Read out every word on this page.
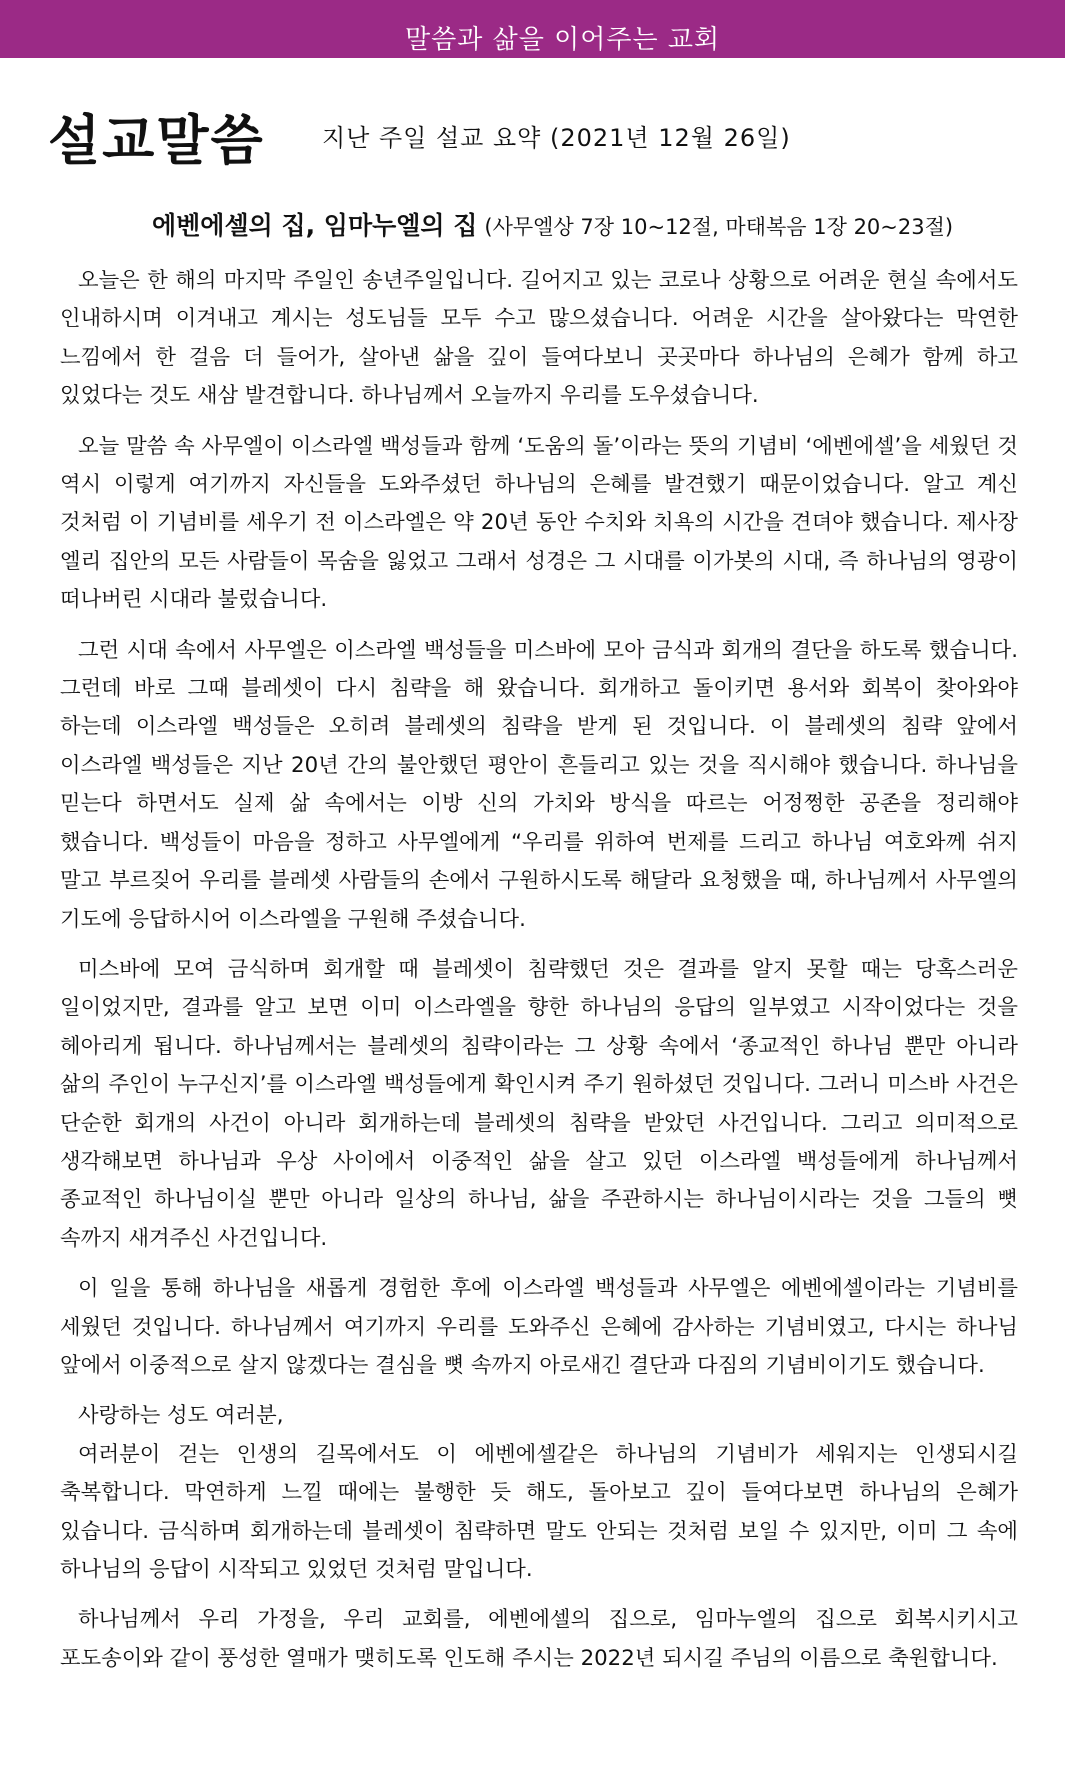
말씀과 삶을 이어주는 교회
설교말씀 지난 주일 설교 요약 (2021년 12월 26일)
에벤에셀의 집, 임마누엘의 집 (사무엘상 7장 10~12절, 마태복음 1장 20~23절)

오늘은 한 해의 마지막 주일인 송년주일입니다. 길어지고 있는 코로나 상황으로 어려운 현실 속에서도 인내하시며 이겨내고 계시는 성도님들 모두 수고 많으셨습니다. 어려운 시간을 살아왔다는 막연한 느낌에서 한 걸음 더 들어가, 살아낸 삶을 깊이 들여다보니 곳곳마다 하나님의 은혜가 함께 하고 있었다는 것도 새삼 발견합니다. 하나님께서 오늘까지 우리를 도우셨습니다.

오늘 말씀 속 사무엘이 이스라엘 백성들과 함께 ‘도움의 돌’이라는 뜻의 기념비 ‘에벤에셀’을 세웠던 것 역시 이렇게 여기까지 자신들을 도와주셨던 하나님의 은혜를 발견했기 때문이었습니다. 알고 계신 것처럼 이 기념비를 세우기 전 이스라엘은 약 20년 동안 수치와 치욕의 시간을 견뎌야 했습니다. 제사장 엘리 집안의 모든 사람들이 목숨을 잃었고 그래서 성경은 그 시대를 이가봇의 시대, 즉 하나님의 영광이 떠나버린 시대라 불렀습니다.

그런 시대 속에서 사무엘은 이스라엘 백성들을 미스바에 모아 금식과 회개의 결단을 하도록 했습니다. 그런데 바로 그때 블레셋이 다시 침략을 해 왔습니다. 회개하고 돌이키면 용서와 회복이 찾아와야 하는데 이스라엘 백성들은 오히려 블레셋의 침략을 받게 된 것입니다. 이 블레셋의 침략 앞에서 이스라엘 백성들은 지난 20년 간의 불안했던 평안이 흔들리고 있는 것을 직시해야 했습니다. 하나님을 믿는다 하면서도 실제 삶 속에서는 이방 신의 가치와 방식을 따르는 어정쩡한 공존을 정리해야 했습니다. 백성들이 마음을 정하고 사무엘에게 “우리를 위하여 번제를 드리고 하나님 여호와께 쉬지 말고 부르짖어 우리를 블레셋 사람들의 손에서 구원하시도록 해달라 요청했을 때, 하나님께서 사무엘의 기도에 응답하시어 이스라엘을 구원해 주셨습니다.

미스바에 모여 금식하며 회개할 때 블레셋이 침략했던 것은 결과를 알지 못할 때는 당혹스러운 일이었지만, 결과를 알고 보면 이미 이스라엘을 향한 하나님의 응답의 일부였고 시작이었다는 것을 헤아리게 됩니다. 하나님께서는 블레셋의 침략이라는 그 상황 속에서 ‘종교적인 하나님 뿐만 아니라 삶의 주인이 누구신지’를 이스라엘 백성들에게 확인시켜 주기 원하셨던 것입니다. 그러니 미스바 사건은 단순한 회개의 사건이 아니라 회개하는데 블레셋의 침략을 받았던 사건입니다. 그리고 의미적으로 생각해보면 하나님과 우상 사이에서 이중적인 삶을 살고 있던 이스라엘 백성들에게 하나님께서 종교적인 하나님이실 뿐만 아니라 일상의 하나님, 삶을 주관하시는 하나님이시라는 것을 그들의 뼛 속까지 새겨주신 사건입니다.

이 일을 통해 하나님을 새롭게 경험한 후에 이스라엘 백성들과 사무엘은 에벤에셀이라는 기념비를 세웠던 것입니다. 하나님께서 여기까지 우리를 도와주신 은혜에 감사하는 기념비였고, 다시는 하나님 앞에서 이중적으로 살지 않겠다는 결심을 뼛 속까지 아로새긴 결단과 다짐의 기념비이기도 했습니다.

사랑하는 성도 여러분,

여러분이 걷는 인생의 길목에서도 이 에벤에셀같은 하나님의 기념비가 세워지는 인생되시길 축복합니다. 막연하게 느낄 때에는 불행한 듯 해도, 돌아보고 깊이 들여다보면 하나님의 은혜가 있습니다. 금식하며 회개하는데 블레셋이 침략하면 말도 안되는 것처럼 보일 수 있지만, 이미 그 속에 하나님의 응답이 시작되고 있었던 것처럼 말입니다.

하나님께서 우리 가정을, 우리 교회를, 에벤에셀의 집으로, 임마누엘의 집으로 회복시키시고 포도송이와 같이 풍성한 열매가 맺히도록 인도해 주시는 2022년 되시길 주님의 이름으로 축원합니다.
